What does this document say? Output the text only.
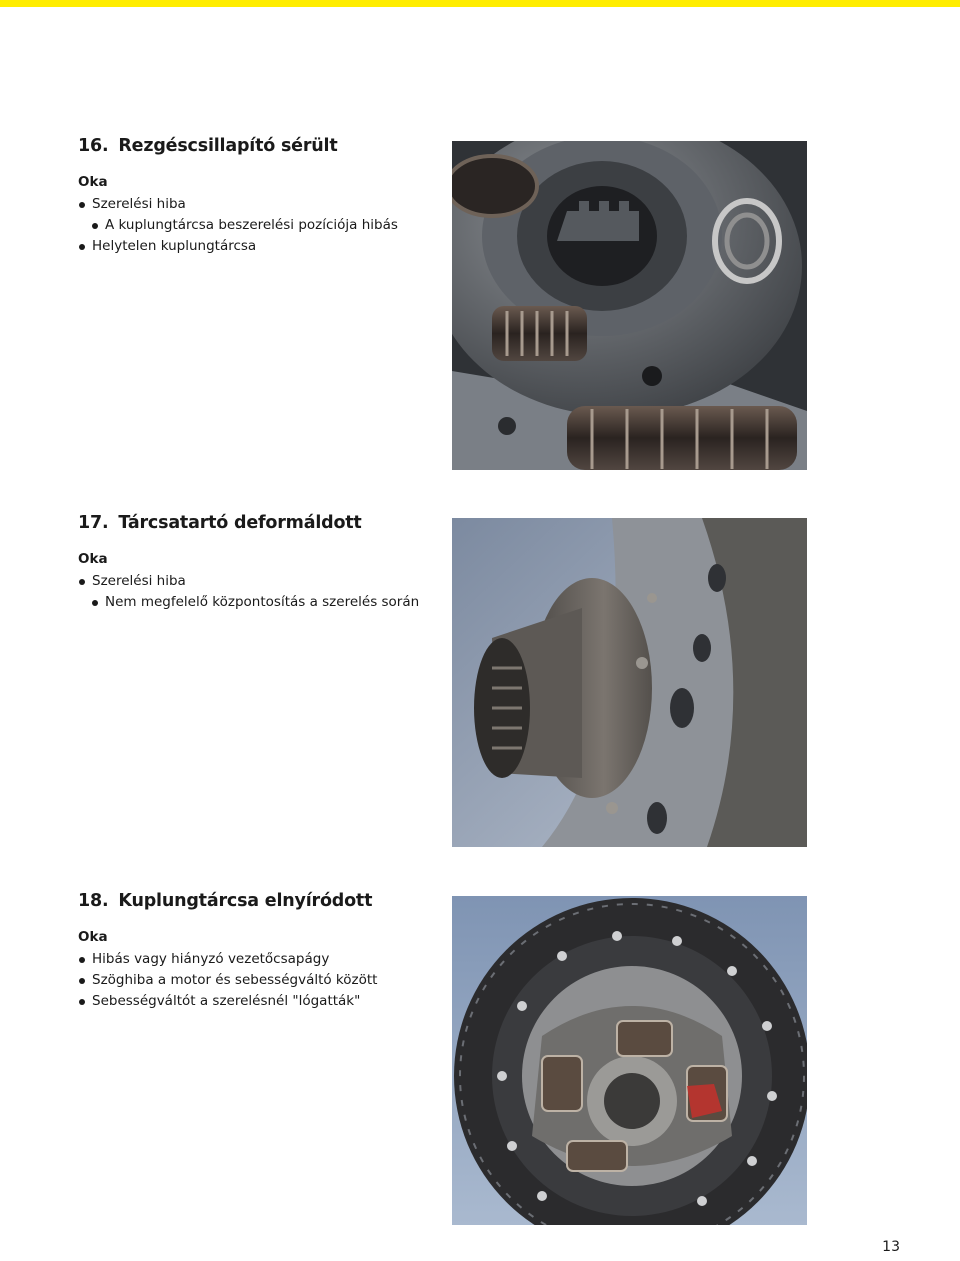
16. Rezgéscsillapító sérült
Oka
Szerelési hiba
A kuplungtárcsa beszerelési pozíciója hibás
Helytelen kuplungtárcsa
17. Tárcsatartó deformáldott
Oka
Szerelési hiba
Nem megfelelő központosítás a szerelés során
18. Kuplungtárcsa elnyíródott
Oka
Hibás vagy hiányzó vezetőcsapágy
Szöghiba a motor és sebességváltó között
Sebességváltót a szerelésnél "lógatták"
13
